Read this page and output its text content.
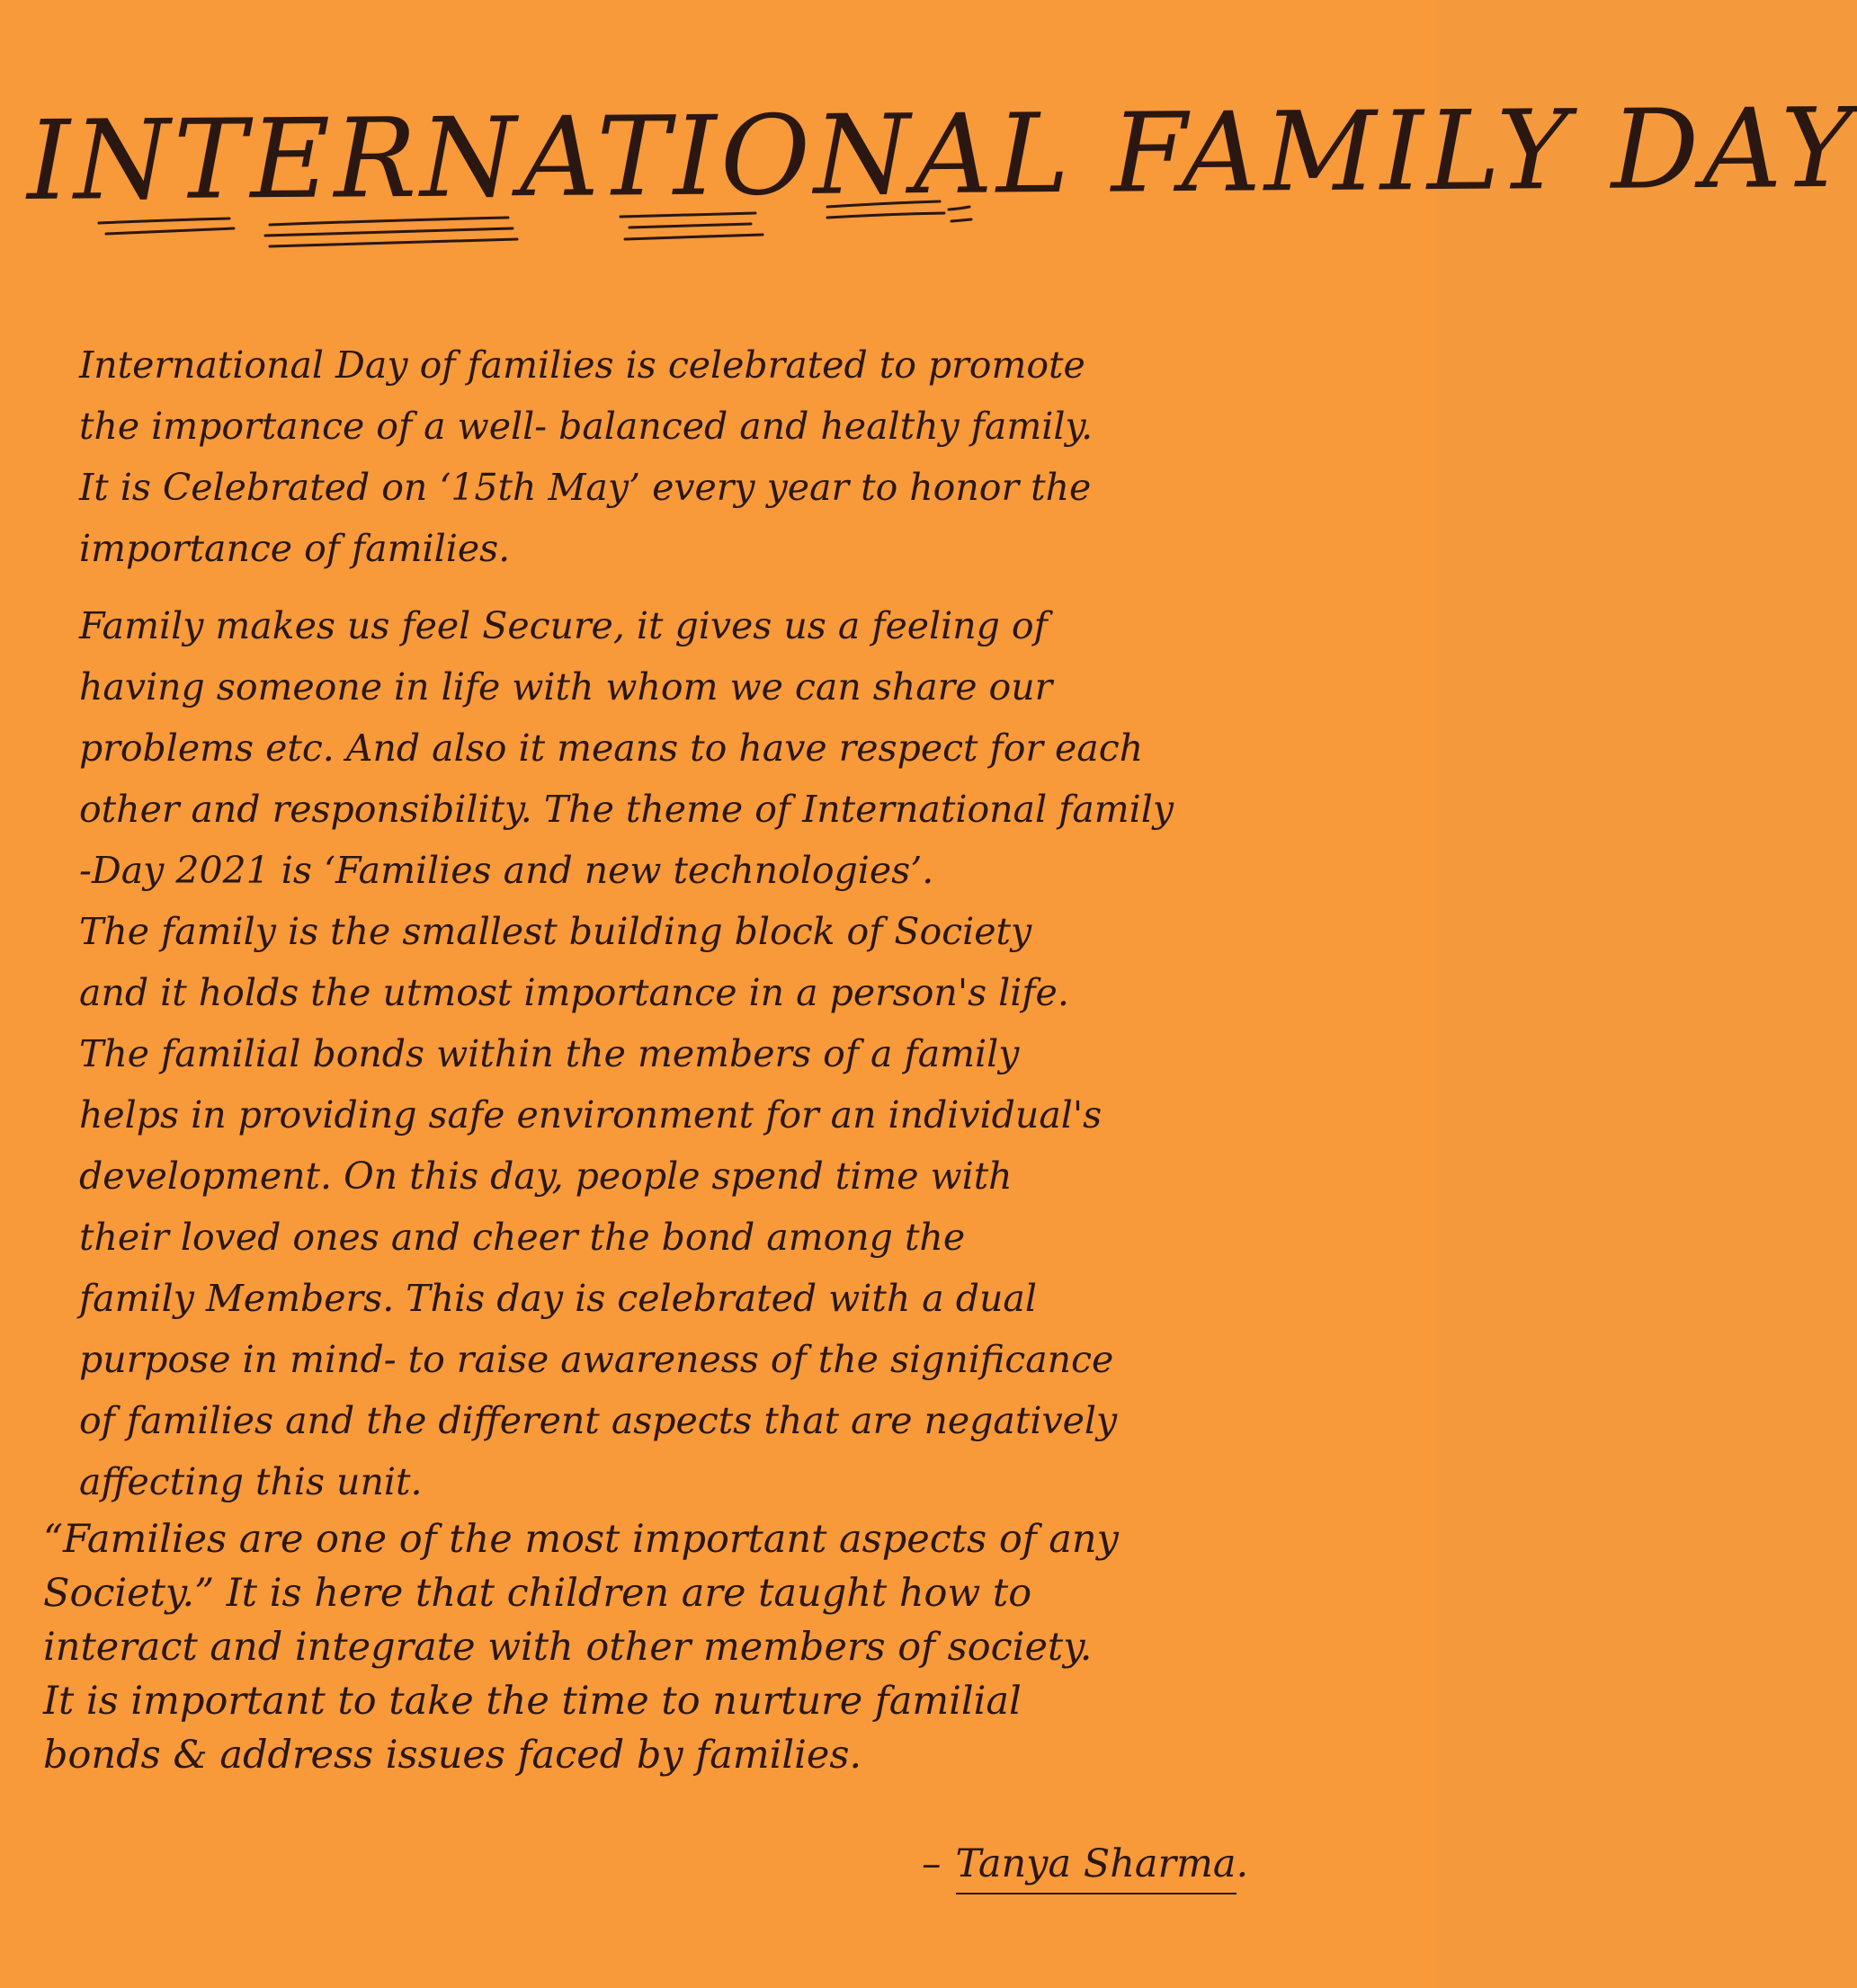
INTERNATIONAL FAMILY DAY

International Day of families is celebrated to promote
the importance of a well- balanced and healthy family.
It is Celebrated on ‘15th May’ every year to honor the
importance of families.

Family makes us feel Secure, it gives us a feeling of
having someone in life with whom we can share our
problems etc. And also it means to have respect for each
other and responsibility. The theme of International family
-Day 2021 is ‘Families and new technologies’.
The family is the smallest building block of Society
and it holds the utmost importance in a person's life.
The familial bonds within the members of a family
helps in providing safe environment for an individual's
development. On this day, people spend time with
their loved ones and cheer the bond among the
family Members. This day is celebrated with a dual
purpose in mind- to raise awareness of the significance
of families and the different aspects that are negatively
affecting this unit.

“Families are one of the most important aspects of any
Society.” It is here that children are taught how to
interact and integrate with other members of society.
It is important to take the time to nurture familial
bonds & address issues faced by families.
– Tanya Sharma.
